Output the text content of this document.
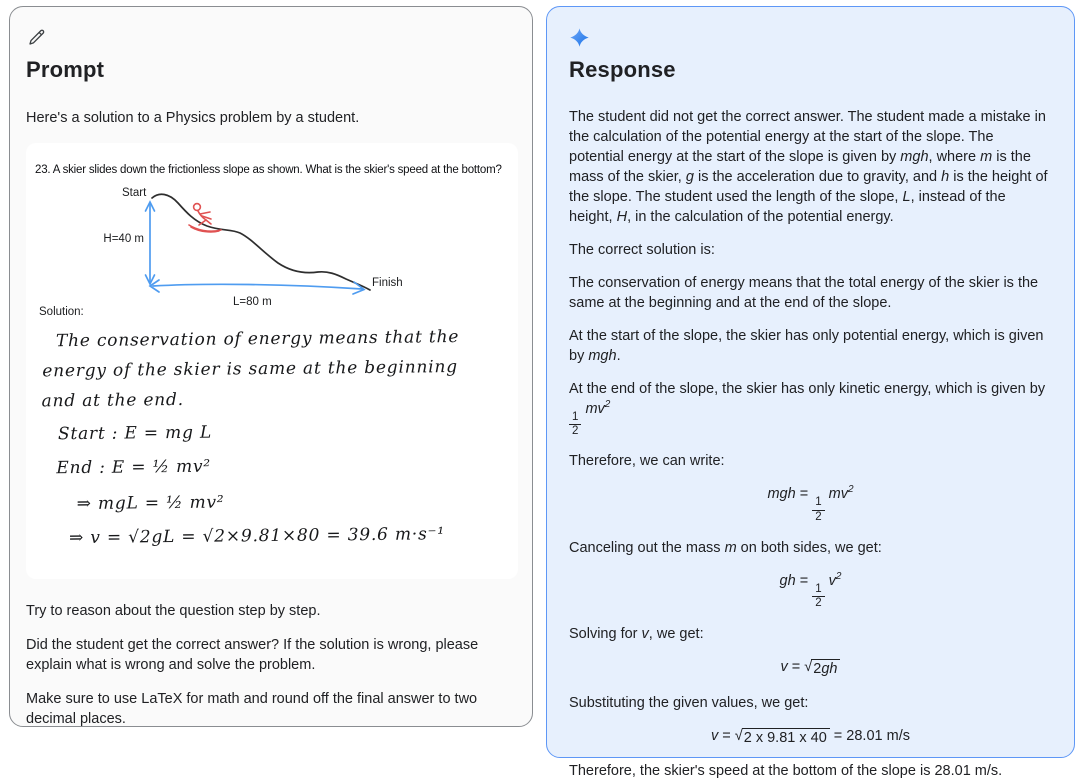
Prompt
Here's a solution to a Physics problem by a student.
23. A skier slides down the frictionless slope as shown. What is the skier's speed at the bottom?
Start
H=40 m
Finish
L=80 m
Solution:
The conservation of energy means that the
energy of the skier is same at the beginning
and at the end.
Start : E = mg L
End : E = ½ mv²
⇒ mgL = ½ mv²
⇒ v = √2gL = √2×9.81×80 = 39.6 m·s⁻¹

Try to reason about the question step by step.

Did the student get the correct answer? If the solution is wrong, please explain what is wrong and solve the problem.

Make sure to use LaTeX for math and round off the final answer to two decimal places.

Response

The student did not get the correct answer. The student made a mistake in the calculation of the potential energy at the start of the slope. The potential energy at the start of the slope is given by mgh, where m is the mass of the skier, g is the acceleration due to gravity, and h is the height of the slope. The student used the length of the slope, L, instead of the height, H, in the calculation of the potential energy.

The correct solution is:

The conservation of energy means that the total energy of the skier is the same at the beginning and at the end of the slope.

At the start of the slope, the skier has only potential energy, which is given by mgh.

At the end of the slope, the skier has only kinetic energy, which is given by
$\frac{1}{2}$
$mv^2$

Therefore, we can write:

mgh =
$\frac{1}{2}$
$mv^2$

Canceling out the mass m on both sides, we get:

gh =
$\frac{1}{2}$
$v^2$

Solving for v, we get:

v = √ 2gh

Substituting the given values, we get:

v = √ 2 x 9.81 x 40 = 28.01 m/s

Therefore, the skier's speed at the bottom of the slope is 28.01 m/s.
